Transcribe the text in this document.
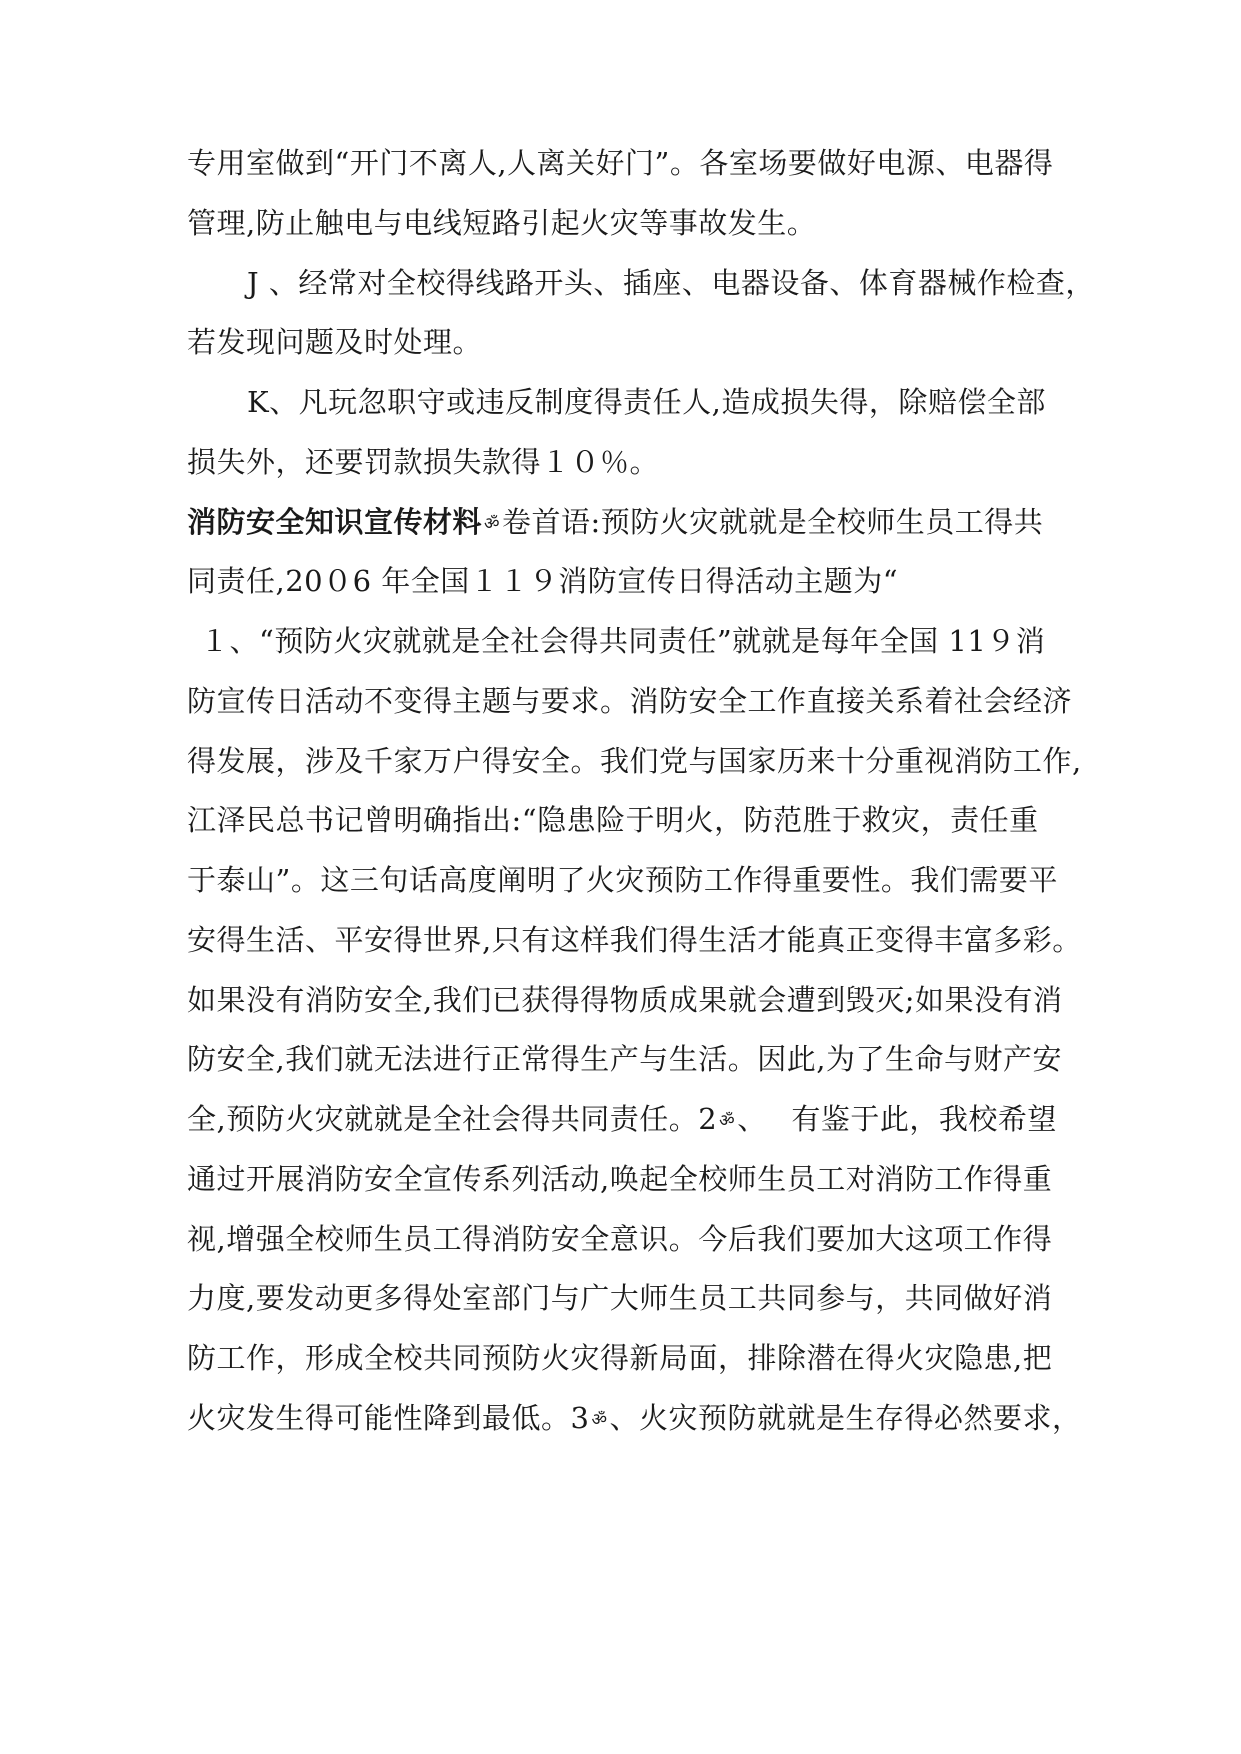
专用室做到“开门不离人,人离关好门”。各室场要做好电源、电器得
管理,防止触电与电线短路引起火灾等事故发生。
J 、经常对全校得线路开头、插座、电器设备、体育器械作检查，
若发现问题及时处理。
K、凡玩忽职守或违反制度得责任人,造成损失得，除赔偿全部
损失外，还要罚款损失款得１０％。
消防安全知识宣传材料 ॐ卷首语:预防火灾就就是全校师生员工得共
同责任,20０6 年全国１１９消防宣传日得活动主题为“
１、“预防火灾就就是全社会得共同责任”就就是每年全国 11９消
防宣传日活动不变得主题与要求。消防安全工作直接关系着社会经济
得发展，涉及千家万户得安全。我们党与国家历来十分重视消防工作,
江泽民总书记曾明确指出:“隐患险于明火，防范胜于救灾，责任重
于泰山”。这三句话高度阐明了火灾预防工作得重要性。我们需要平
安得生活、平安得世界,只有这样我们得生活才能真正变得丰富多彩。
如果没有消防安全,我们已获得得物质成果就会遭到毁灭;如果没有消
防安全,我们就无法进行正常得生产与生活。因此,为了生命与财产安
全,预防火灾就就是全社会得共同责任。2 ॐ、　 有鉴于此，我校希望
通过开展消防安全宣传系列活动,唤起全校师生员工对消防工作得重
视,增强全校师生员工得消防安全意识。今后我们要加大这项工作得
力度,要发动更多得处室部门与广大师生员工共同参与，共同做好消
防工作，形成全校共同预防火灾得新局面，排除潜在得火灾隐患,把
火灾发生得可能性降到最低。3 ॐ、火灾预防就就是生存得必然要求，
